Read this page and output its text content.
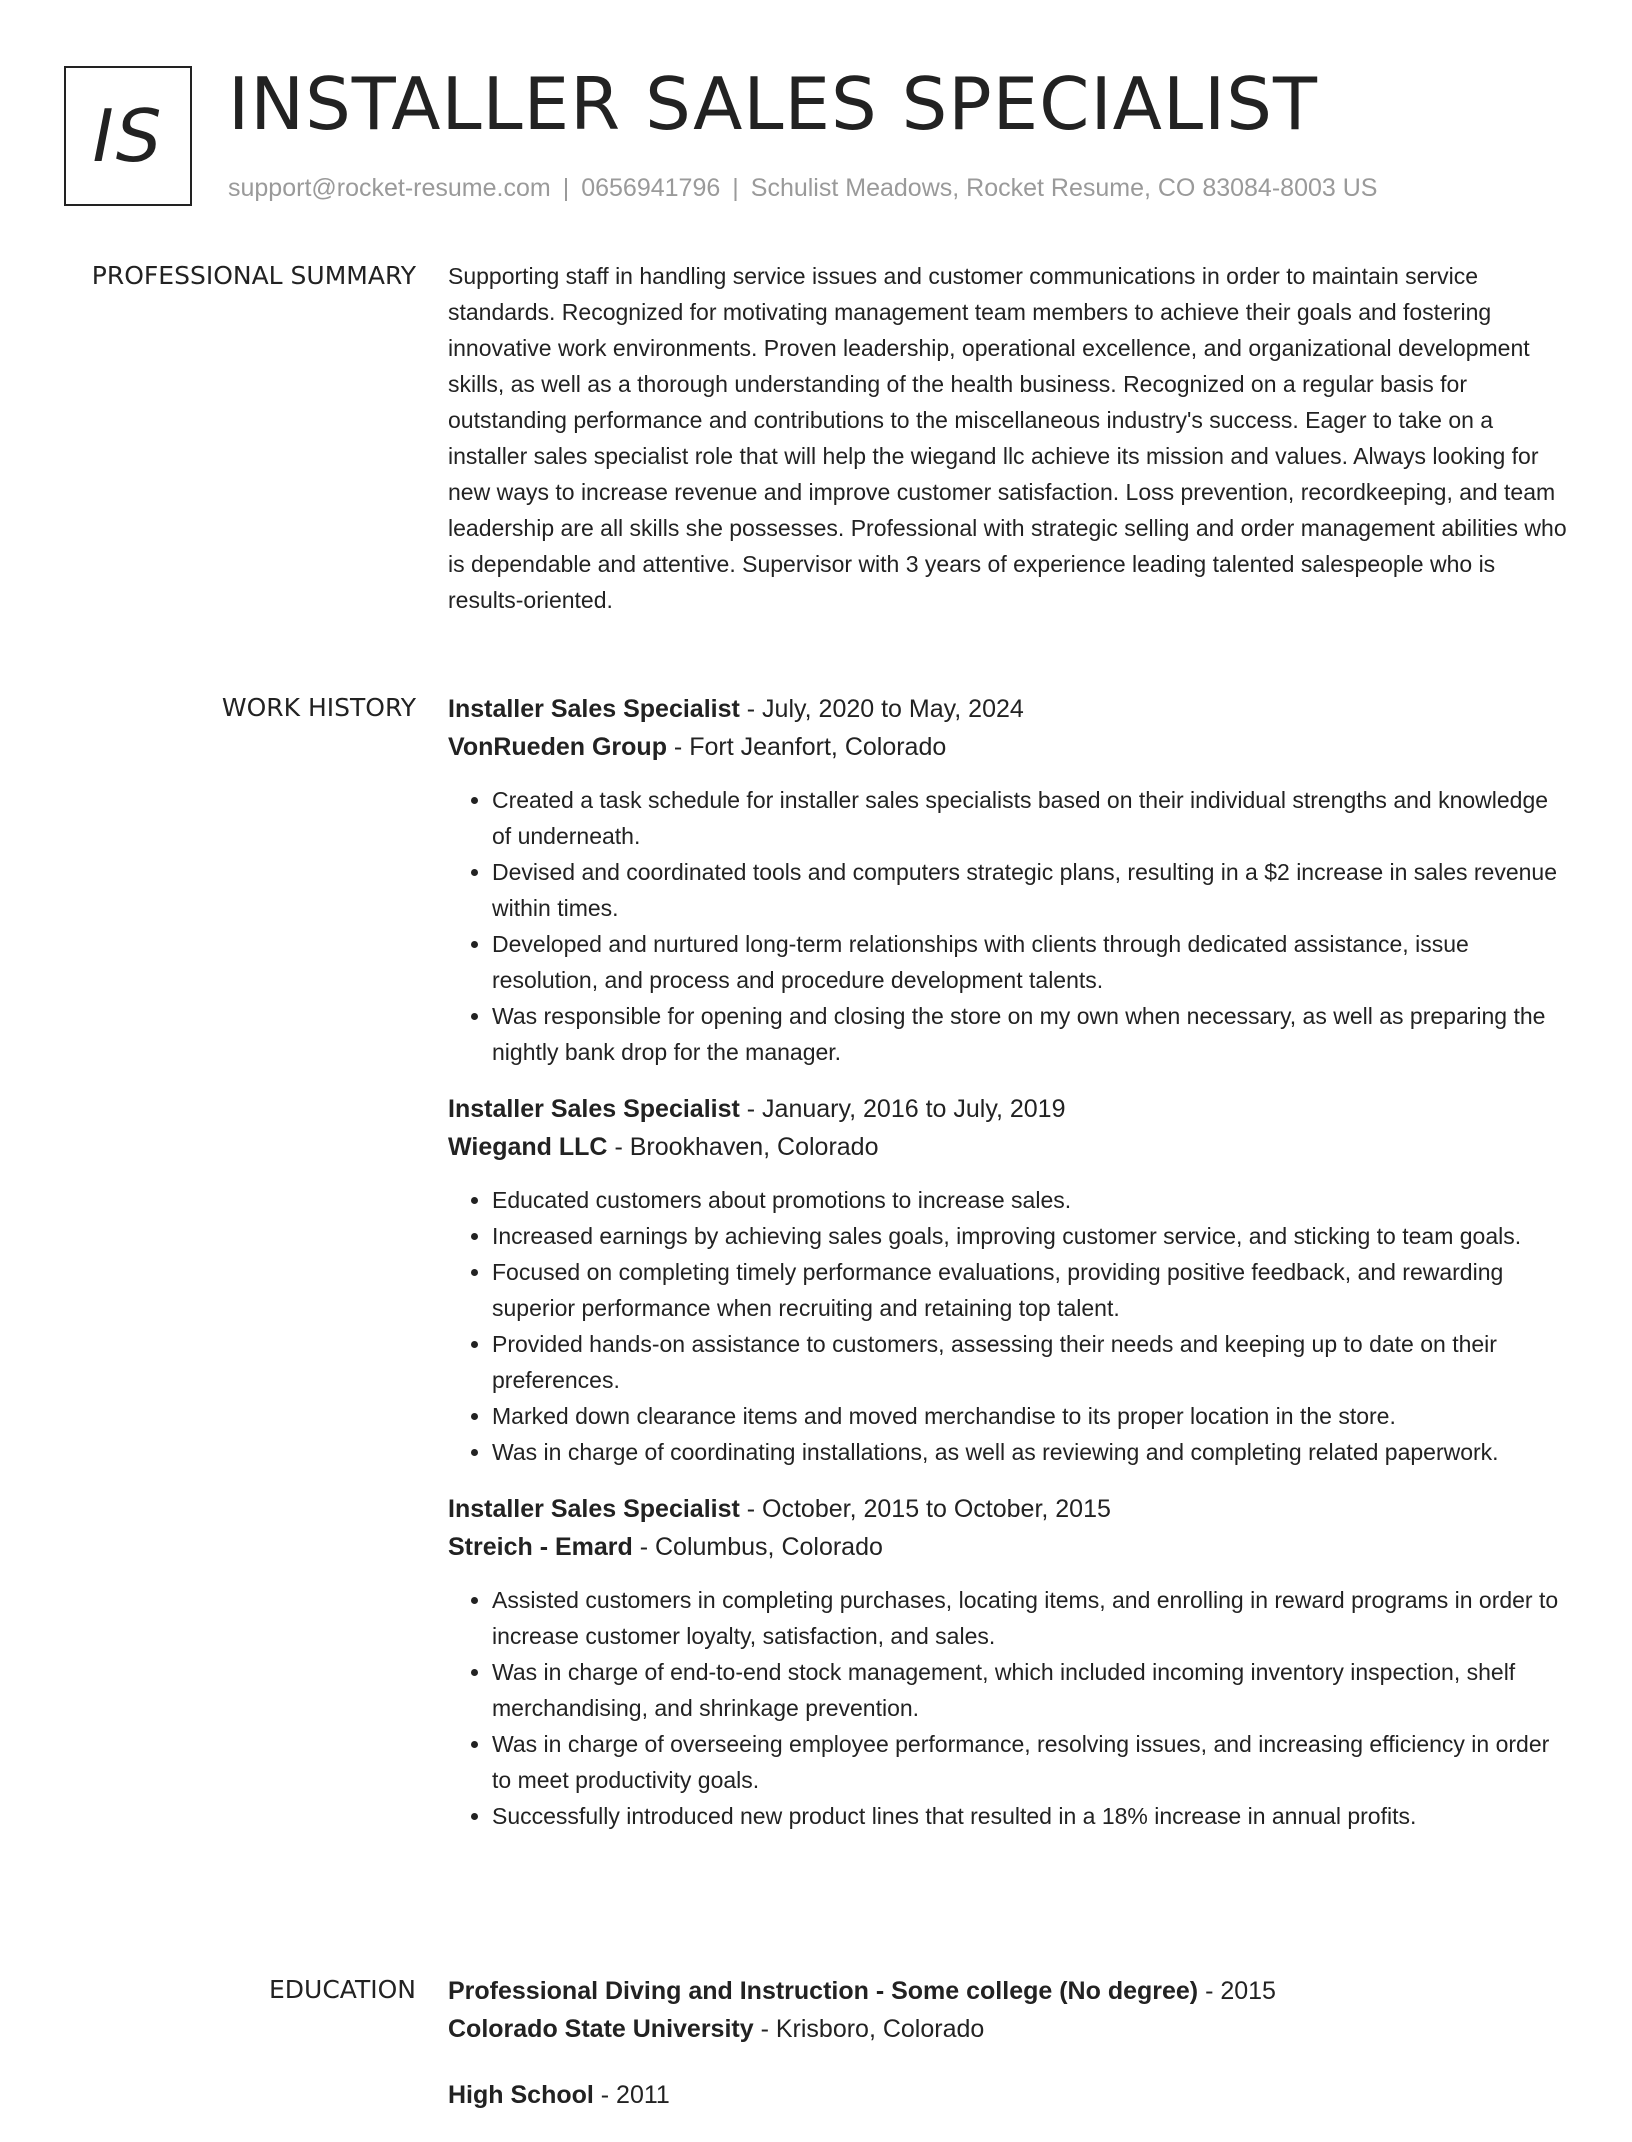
IS INSTALLER SALES SPECIALIST
support@rocket-resume.com | 0656941796 | Schulist Meadows, Rocket Resume, CO 83084-8003 US
PROFESSIONAL SUMMARY Supporting staff in handling service issues and customer communications in order to maintain service standards. Recognized for motivating management team members to achieve their goals and fostering innovative work environments. Proven leadership, operational excellence, and organizational development skills, as well as a thorough understanding of the health business. Recognized on a regular basis for outstanding performance and contributions to the miscellaneous industry's success. Eager to take on a installer sales specialist role that will help the wiegand llc achieve its mission and values. Always looking for new ways to increase revenue and improve customer satisfaction. Loss prevention, recordkeeping, and team leadership are all skills she possesses. Professional with strategic selling and order management abilities who is dependable and attentive. Supervisor with 3 years of experience leading talented salespeople who is results-oriented.

WORK HISTORY Installer Sales Specialist - July, 2020 to May, 2024
VonRueden Group - Fort Jeanfort, Colorado
• Created a task schedule for installer sales specialists based on their individual strengths and knowledge of underneath.
• Devised and coordinated tools and computers strategic plans, resulting in a $2 increase in sales revenue within times.
• Developed and nurtured long-term relationships with clients through dedicated assistance, issue resolution, and process and procedure development talents.
• Was responsible for opening and closing the store on my own when necessary, as well as preparing the nightly bank drop for the manager.
Installer Sales Specialist - January, 2016 to July, 2019
Wiegand LLC - Brookhaven, Colorado
• Educated customers about promotions to increase sales.
• Increased earnings by achieving sales goals, improving customer service, and sticking to team goals.
• Focused on completing timely performance evaluations, providing positive feedback, and rewarding superior performance when recruiting and retaining top talent.
• Provided hands-on assistance to customers, assessing their needs and keeping up to date on their preferences.
• Marked down clearance items and moved merchandise to its proper location in the store.
• Was in charge of coordinating installations, as well as reviewing and completing related paperwork.
Installer Sales Specialist - October, 2015 to October, 2015
Streich - Emard - Columbus, Colorado
• Assisted customers in completing purchases, locating items, and enrolling in reward programs in order to increase customer loyalty, satisfaction, and sales.
• Was in charge of end-to-end stock management, which included incoming inventory inspection, shelf merchandising, and shrinkage prevention.
• Was in charge of overseeing employee performance, resolving issues, and increasing efficiency in order to meet productivity goals.
• Successfully introduced new product lines that resulted in a 18% increase in annual profits.
EDUCATION Professional Diving and Instruction - Some college (No degree) - 2015
Colorado State University - Krisboro, Colorado
High School - 2011
